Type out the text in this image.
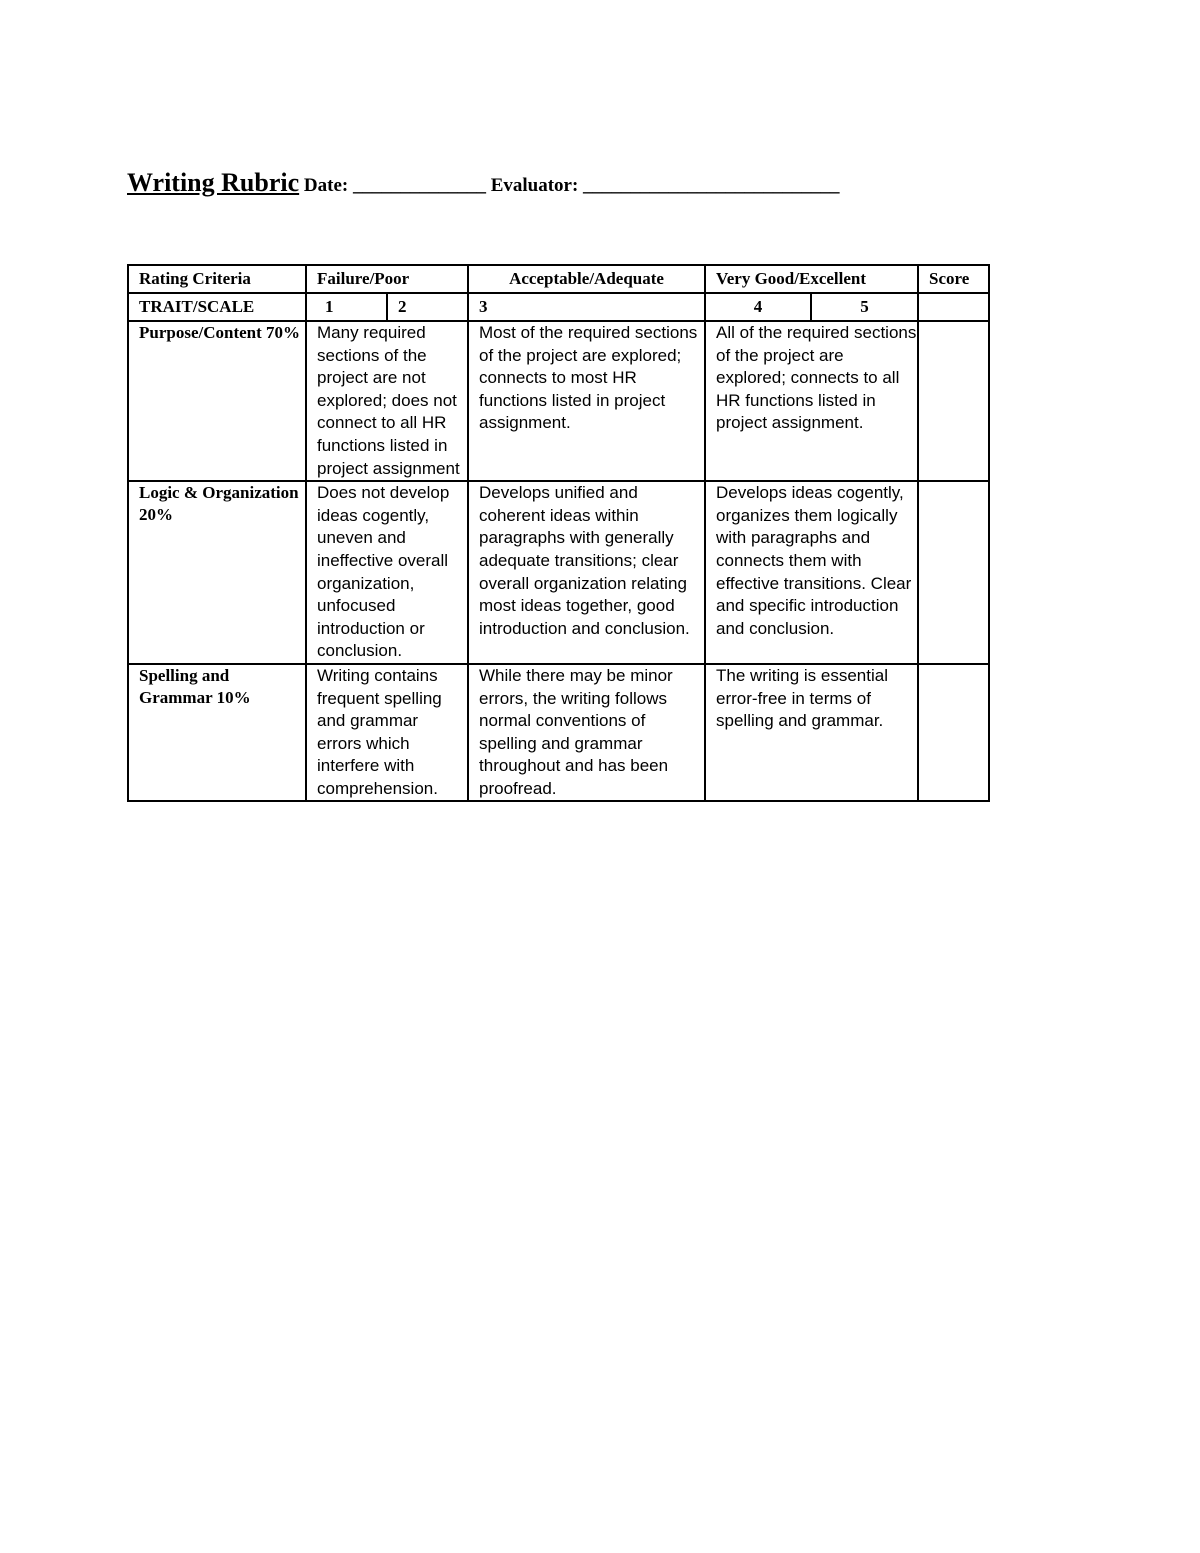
Writing Rubric Date: ______________ Evaluator: ___________________________
Rating Criteria	Failure/Poor		Acceptable/Adequate	Very Good/Excellent		Score
TRAIT/SCALE	1	2	3	4	5	
Purpose/Content 70%	Many required sections of the project are not explored; does not connect to all HR functions listed in project assignment		Most of the required sections of the project are explored; connects to most HR functions listed in project assignment.	All of the required sections of the project are explored; connects to all HR functions listed in project assignment.		
Logic & Organization 20%	Does not develop ideas cogently, uneven and ineffective overall organization, unfocused introduction or conclusion.		Develops unified and coherent ideas within paragraphs with generally adequate transitions; clear overall organization relating most ideas together, good introduction and conclusion.	Develops ideas cogently, organizes them logically with paragraphs and connects them with effective transitions. Clear and specific introduction and conclusion.		
Spelling and Grammar 10%	Writing contains frequent spelling and grammar errors which interfere with comprehension.		While there may be minor errors, the writing follows normal conventions of spelling and grammar throughout and has been proofread.	The writing is essential error-free in terms of spelling and grammar.		
